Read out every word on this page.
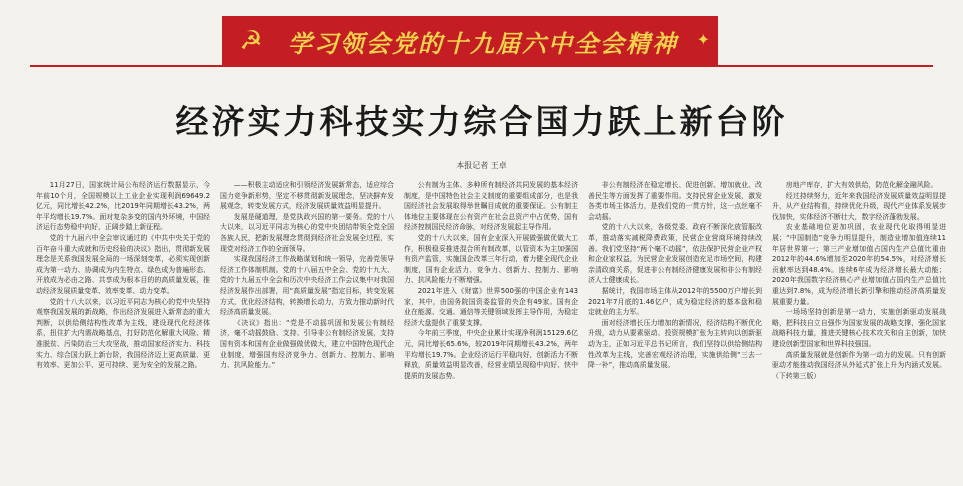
☭ 学习领会党的十九届六中全会精神 ✦
经济实力科技实力综合国力跃上新台阶
本报记者 王卓

11月27日，国家统计局公布经济运行数据显示，今年前10个月，全国规模以上工业企业实现利润69649.2亿元，同比增长42.2%，比2019年同期增长43.2%，两年平均增长19.7%。面对复杂多变的国内外环境，中国经济运行态势稳中向好，正阔步踏上新征程。

党的十九届六中全会审议通过的《中共中央关于党的百年奋斗重大成就和历史经验的决议》指出，贯彻新发展理念是关系我国发展全局的一场深刻变革，必须实现创新成为第一动力、协调成为内生特点、绿色成为普遍形态、开放成为必由之路、共享成为根本目的的高质量发展，推动经济发展质量变革、效率变革、动力变革。

党的十八大以来，以习近平同志为核心的党中央坚持观察我国发展的新战略，作出经济发展进入新常态的重大判断，以供给侧结构性改革为主线，建设现代化经济体系，扭住扩大内需战略基点，打好防范化解重大风险、精准脱贫、污染防治三大攻坚战，推动国家经济实力、科技实力、综合国力跃上新台阶，我国经济迈上更高质量、更有效率、更加公平、更可持续、更为安全的发展之路。

——积极主动适应和引领经济发展新常态，适应综合国力竞争新形势，坚定不移贯彻新发展理念，坚决摒弃发展观念，转变发展方式，经济发展质量效益明显提升。

发展是硬道理，是党执政兴国的第一要务。党的十八大以来，以习近平同志为核心的党中央团结带领全党全国各族人民，把新发展理念贯彻到经济社会发展全过程，实现党对经济工作的全面领导。

实现我国经济工作战略谋划和统一领导，完善党领导经济工作体制机制。党的十八届五中全会、党的十九大、党的十九届五中全会和历次中央经济工作会议集中对我国经济发展作出部署，用“高质量发展”指定目标，转变发展方式，优化经济结构，转换增长动力，方致力推动新时代经济高质量发展。

《决议》指出：“党是不动摇巩固和发展公有制经济，毫不动摇鼓励、支持、引导非公有制经济发展，支持国有资本和国有企业做强做优做大，建立中国特色现代企业制度，增强国有经济竞争力、创新力、控制力、影响力、抗风险能力。”

公有制为主体、多种所有制经济共同发展的基本经济制度，是中国特色社会主义制度的重要组成部分，也是我国经济社会发展取得举世瞩目成就的重要保证。公有制主体地位主要体现在公有资产在社会总资产中占优势，国有经济控制国民经济命脉，对经济发展起主导作用。

党的十八大以来，国有企业深入开展做强做优做大工作，积极稳妥推进混合所有制改革，以管资本为主加强国有资产监管，实施国企改革三年行动，着力健全现代企业制度，国有企业活力、竞争力、创新力、控制力、影响力、抗风险能力不断增强。

2021年进入《财富》世界500强的中国企业有143家，其中，由国务院国资委监管的央企有49家。国有企业在能源、交通、通信等关键领域发挥主导作用，为稳定经济大盘提供了重要支撑。

今年前三季度，中央企业累计实现净利润15129.6亿元，同比增长65.6%，较2019年同期增长43.2%，两年平均增长19.7%。企业经济运行平稳向好，创新活力不断释放，质量效益明显改善，经营业绩呈现稳中向好、快中提质的发展态势。

非公有制经济在稳定增长、促进创新、增加就业、改善民生等方面发挥了重要作用。支持民营企业发展，激发各类市场主体活力，是我们党的一贯方针，这一点丝毫不会动摇。

党的十八大以来，各级党委、政府不断深化放管服改革，推动落实减税降费政策，民营企业营商环境持续改善。我们党坚持“两个毫不动摇”，依法保护民营企业产权和企业家权益，为民营企业发展创造充足市场空间，构建亲清政商关系，促进非公有制经济健康发展和非公有制经济人士健康成长。

据统计，我国市场主体从2012年的5500万户增长到2021年7月底的1.46亿户，成为稳定经济的基本盘和稳定就业的主力军。

面对经济增长压力增加的新情况，经济结构不断优化升级，动力从要素驱动、投资规模扩张为主转向以创新驱动为主，正如习近平总书记所言，我们坚持以供给侧结构性改革为主线，完善宏观经济治理，实施供给侧“三去一降一补”，推动高质量发展。

房地产库存，扩大有效供给，防范化解金融风险。

经过持续努力，近年来我国经济发展质量效益明显提升，从产业结构看，持续优化升级，现代产业体系发展步伐加快，实体经济不断壮大，数字经济蓬勃发展。

农业基础地位更加巩固，农业现代化取得明显进展；“中国制造”竞争力明显提升，制造业增加值连续11年居世界第一；第三产业增加值占国内生产总值比重由2012年的44.6%增加至2020年的54.5%，对经济增长贡献率达到48.4%。连续6年成为经济增长最大动能；2020年我国数字经济核心产业增加值占国内生产总值比重达到7.8%，成为经济增长新引擎和推动经济高质量发展重要力量。

一场场坚持创新是第一动力，实施创新驱动发展战略，把科技自立自强作为国家发展的战略支撑，强化国家战略科技力量，推进关键核心技术攻关和自主创新，加快建设创新型国家和世界科技强国。

高质量发展就是创新作为第一动力的发展。只有创新驱动才能推动我国经济从外延式扩张上升为内涵式发展。（下转第三版）
